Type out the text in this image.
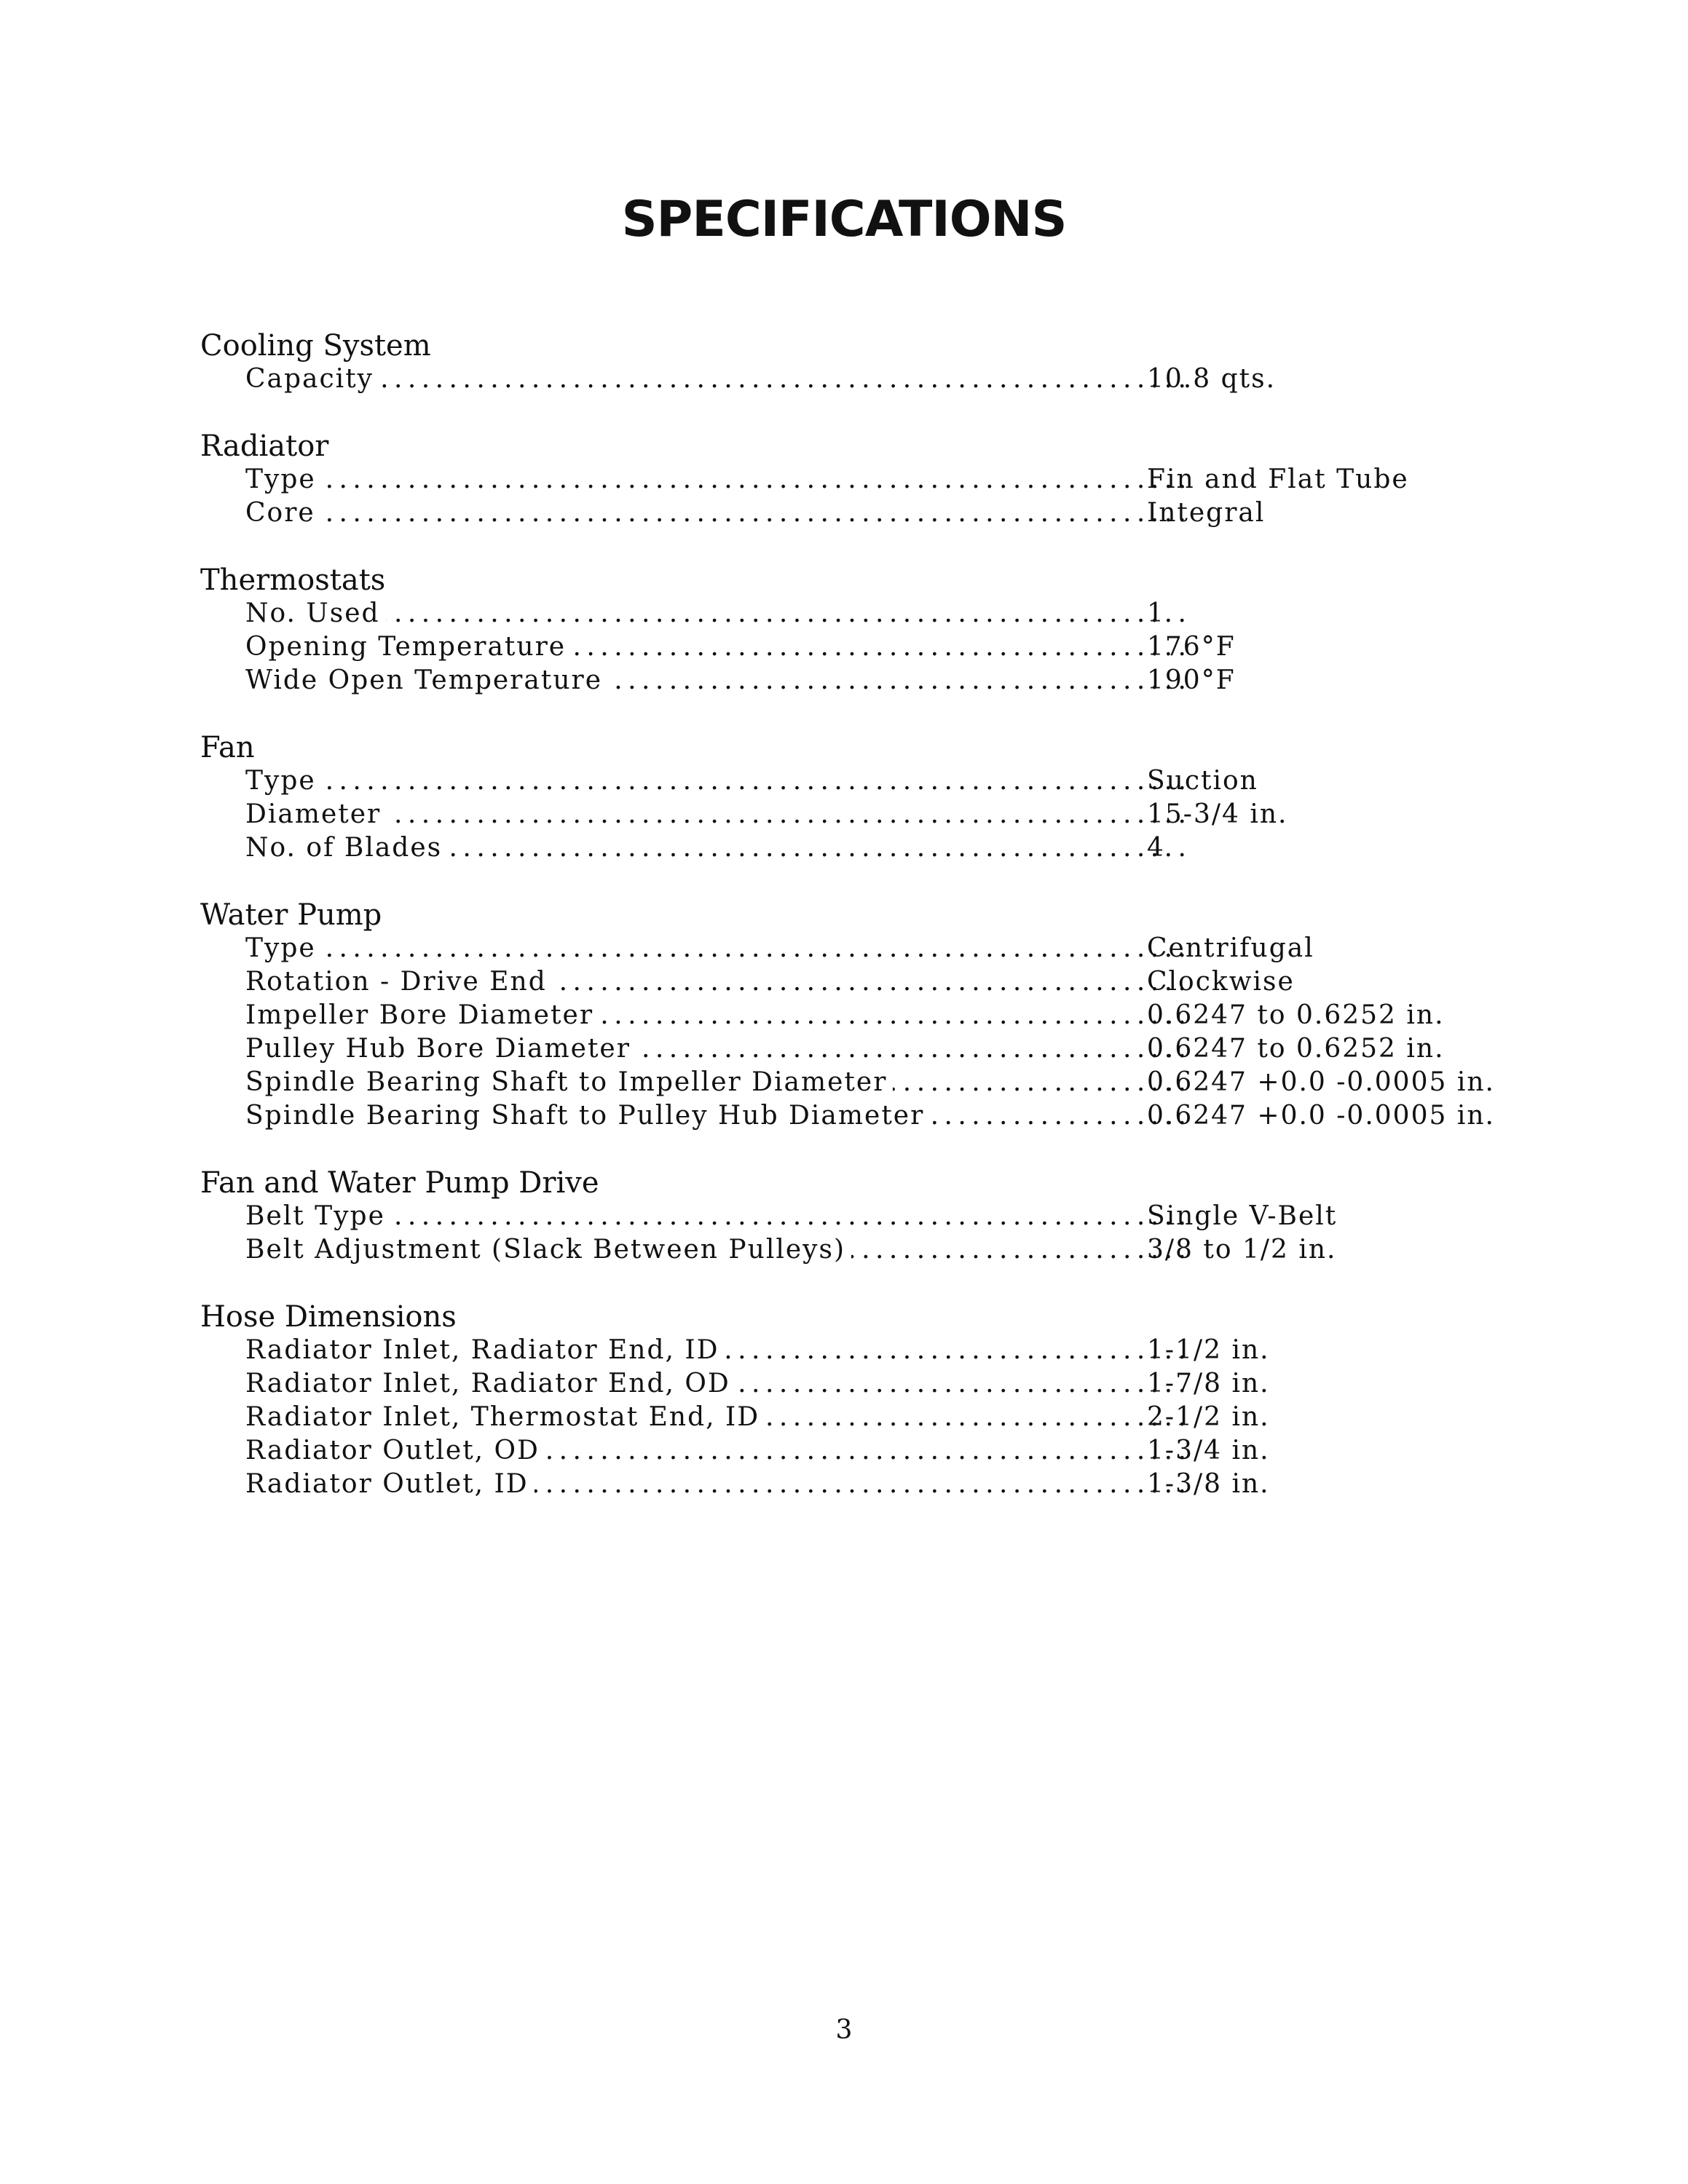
SPECIFICATIONS
Cooling System
Capacity . . .	10.8 qts.
Radiator
Type . . .	Fin and Flat Tube
Core . . .	Integral
Thermostats
No. Used . . .	1
Opening Temperature . . .	176°F
Wide Open Temperature . . .	190°F
Fan
Type . . .	Suction
Diameter . . .	15-3/4 in.
No. of Blades . . .	4
Water Pump
Type . . .	Centrifugal
Rotation - Drive End . . .	Clockwise
Impeller Bore Diameter . . .	0.6247 to 0.6252 in.
Pulley Hub Bore Diameter . . .	0.6247 to 0.6252 in.
Spindle Bearing Shaft to Impeller Diameter . . .	0.6247 +0.0 -0.0005 in.
Spindle Bearing Shaft to Pulley Hub Diameter . . .	0.6247 +0.0 -0.0005 in.
Fan and Water Pump Drive
Belt Type . . .	Single V-Belt
Belt Adjustment (Slack Between Pulleys) . . .	3/8 to 1/2 in.
Hose Dimensions
Radiator Inlet, Radiator End, ID . . .	1-1/2 in.
Radiator Inlet, Radiator End, OD . . .	1-7/8 in.
Radiator Inlet, Thermostat End, ID . . .	2-1/2 in.
Radiator Outlet, OD . . .	1-3/4 in.
Radiator Outlet, ID . . .	1-3/8 in.
3
